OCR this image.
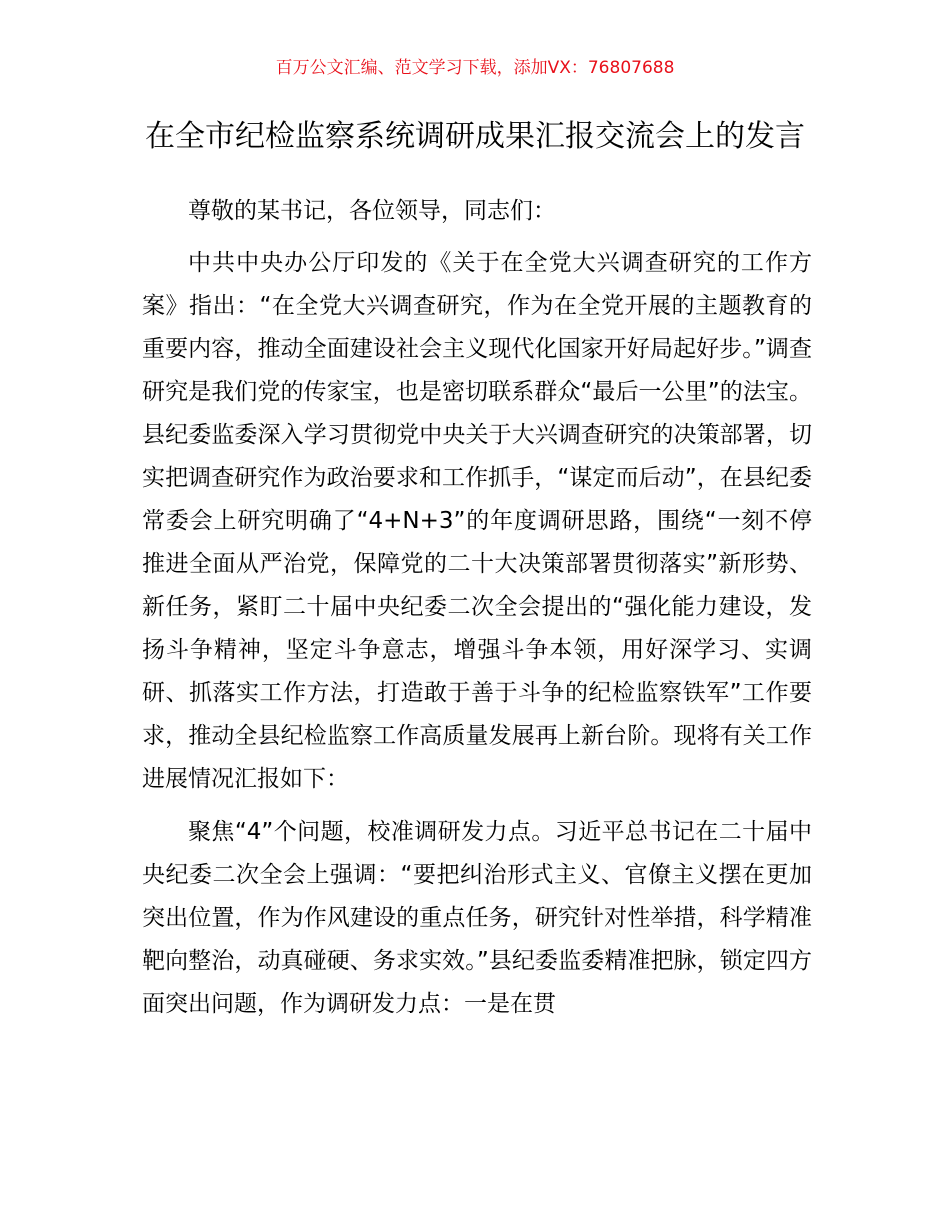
百万公文汇编、范文学习下载，添加VX：76807688
在全市纪检监察系统调研成果汇报交流会上的发言

尊敬的某书记，各位领导，同志们：

中共中央办公厅印发的《关于在全党大兴调查研究的工作方案》指出：“在全党大兴调查研究，作为在全党开展的主题教育的重要内容，推动全面建设社会主义现代化国家开好局起好步。”调查研究是我们党的传家宝，也是密切联系群众“最后一公里”的法宝。县纪委监委深入学习贯彻党中央关于大兴调查研究的决策部署，切实把调查研究作为政治要求和工作抓手，“谋定而后动”，在县纪委常委会上研究明确了“4+N+3”的年度调研思路，围绕“一刻不停推进全面从严治党，保障党的二十大决策部署贯彻落实”新形势、新任务，紧盯二十届中央纪委二次全会提出的“强化能力建设，发扬斗争精神，坚定斗争意志，增强斗争本领，用好深学习、实调研、抓落实工作方法，打造敢于善于斗争的纪检监察铁军”工作要求，推动全县纪检监察工作高质量发展再上新台阶。现将有关工作进展情况汇报如下：

聚焦“4”个问题，校准调研发力点。习近平总书记在二十届中央纪委二次全会上强调：“要把纠治形式主义、官僚主义摆在更加突出位置，作为作风建设的重点任务，研究针对性举措，科学精准靶向整治，动真碰硬、务求实效。”县纪委监委精准把脉，锁定四方面突出问题，作为调研发力点：一是在贯
